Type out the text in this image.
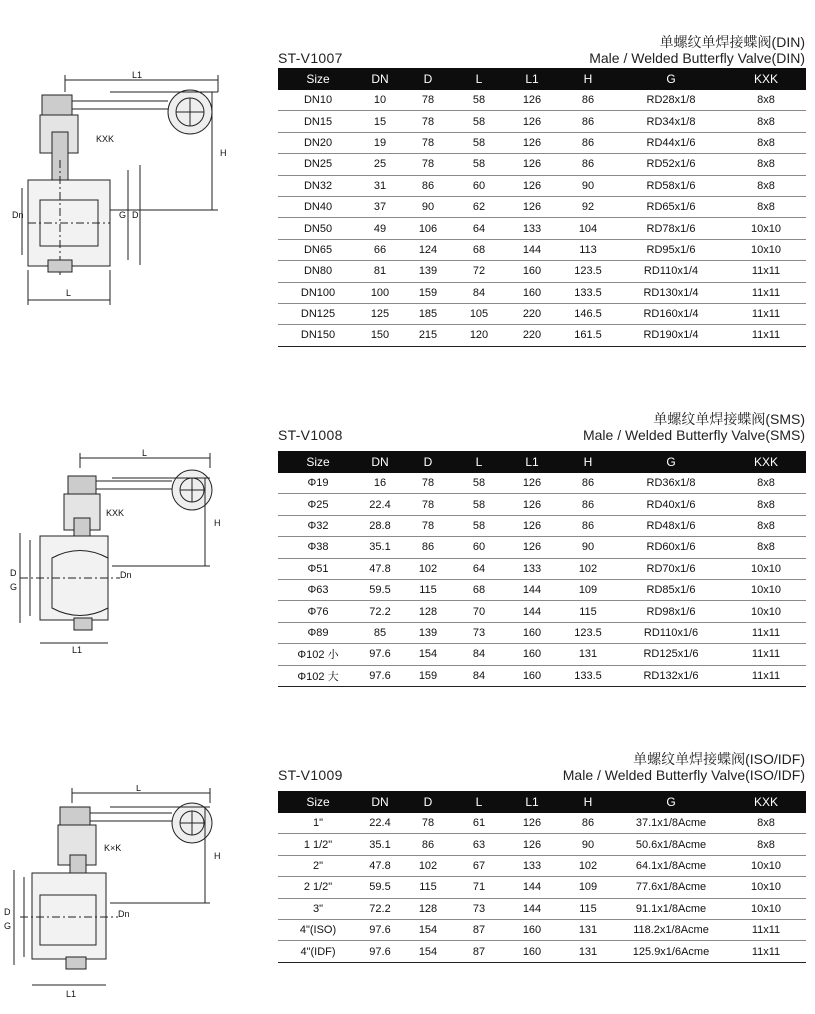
单螺纹单焊接蝶阀(DIN)
Male / Welded Butterfly Valve(DIN)
ST-V1007
L1
KXK
H
Dn	G D
L
Size	DN	D	L	L1	H	G	KXK
DN10	10	78	58	126	86	RD28x1/8	8x8
DN15	15	78	58	126	86	RD34x1/8	8x8
DN20	19	78	58	126	86	RD44x1/6	8x8
DN25	25	78	58	126	86	RD52x1/6	8x8
DN32	31	86	60	126	90	RD58x1/6	8x8
DN40	37	90	62	126	92	RD65x1/6	8x8
DN50	49	106	64	133	104	RD78x1/6	10x10
DN65	66	124	68	144	113	RD95x1/6	10x10
DN80	81	139	72	160	123.5	RD110x1/4	11x11
DN100	100	159	84	160	133.5	RD130x1/4	11x11
DN125	125	185	105	220	146.5	RD160x1/4	11x11
DN150	150	215	120	220	161.5	RD190x1/4	11x11
单螺纹单焊接蝶阀(SMS)
Male / Welded Butterfly Valve(SMS)
ST-V1008
L
KXK
H
D
G
Dn
L1
Size	DN	D	L	L1	H	G	KXK
Φ19	16	78	58	126	86	RD36x1/8	8x8
Φ25	22.4	78	58	126	86	RD40x1/6	8x8
Φ32	28.8	78	58	126	86	RD48x1/6	8x8
Φ38	35.1	86	60	126	90	RD60x1/6	8x8
Φ51	47.8	102	64	133	102	RD70x1/6	10x10
Φ63	59.5	115	68	144	109	RD85x1/6	10x10
Φ76	72.2	128	70	144	115	RD98x1/6	10x10
Φ89	85	139	73	160	123.5	RD110x1/6	11x11
Φ102 小	97.6	154	84	160	131	RD125x1/6	11x11
Φ102 大	97.6	159	84	160	133.5	RD132x1/6	11x11
单螺纹单焊接蝶阀(ISO/IDF)
Male / Welded Butterfly Valve(ISO/IDF)
ST-V1009
L
K×K
H
D
G
Dn
L1
Size	DN	D	L	L1	H	G	KXK
1"	22.4	78	61	126	86	37.1x1/8Acme	8x8
1 1/2"	35.1	86	63	126	90	50.6x1/8Acme	8x8
2"	47.8	102	67	133	102	64.1x1/8Acme	10x10
2 1/2"	59.5	115	71	144	109	77.6x1/8Acme	10x10
3"	72.2	128	73	144	115	91.1x1/8Acme	10x10
4"(ISO)	97.6	154	87	160	131	118.2x1/8Acme	11x11
4"(IDF)	97.6	154	87	160	131	125.9x1/6Acme	11x11
